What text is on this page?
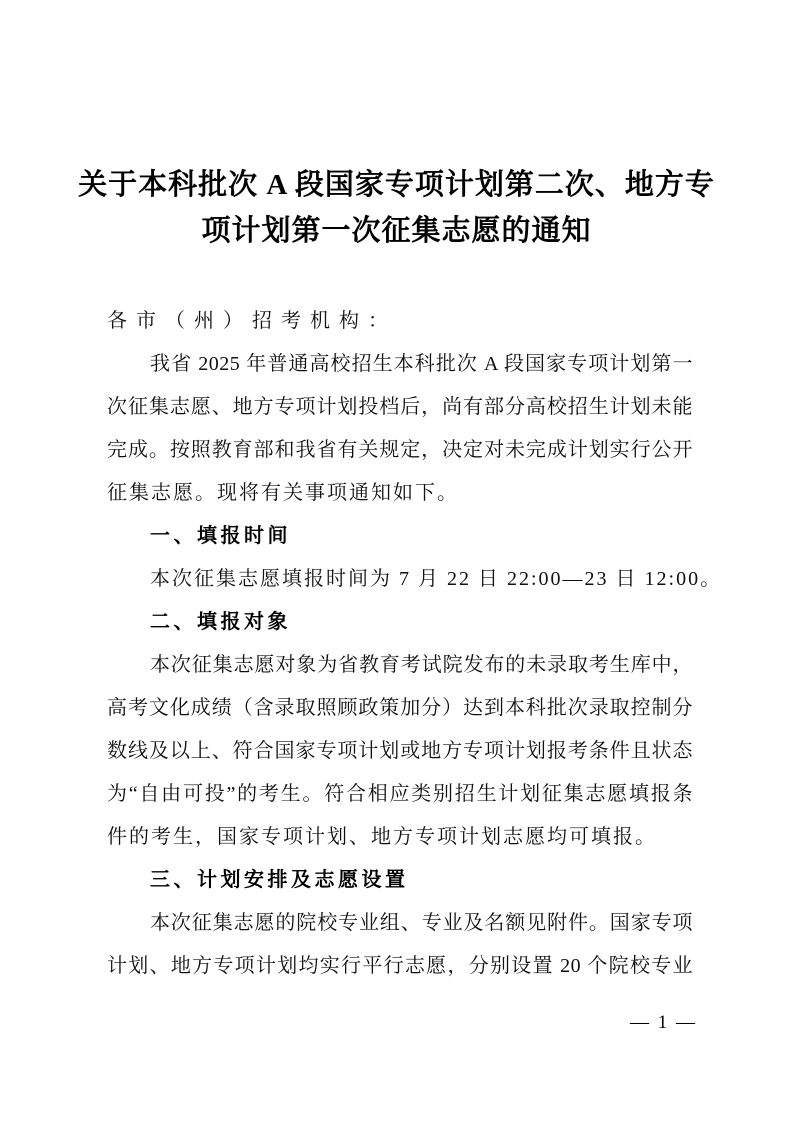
关于本科批次 A 段国家专项计划第二次、地方专
项计划第一次征集志愿的通知
各市（州）招考机构：
我省 2025 年普通高校招生本科批次 A 段国家专项计划第一
次征集志愿、地方专项计划投档后，尚有部分高校招生计划未能
完成。按照教育部和我省有关规定，决定对未完成计划实行公开
征集志愿。现将有关事项通知如下。
一、填报时间
本次征集志愿填报时间为 7 月 22 日 22:00—23 日 12:00。
二、填报对象
本次征集志愿对象为省教育考试院发布的未录取考生库中，
高考文化成绩（含录取照顾政策加分）达到本科批次录取控制分
数线及以上、符合国家专项计划或地方专项计划报考条件且状态
为“自由可投”的考生。符合相应类别招生计划征集志愿填报条
件的考生，国家专项计划、地方专项计划志愿均可填报。
三、计划安排及志愿设置
本次征集志愿的院校专业组、专业及名额见附件。国家专项
计划、地方专项计划均实行平行志愿，分别设置 20 个院校专业
— 1 —
